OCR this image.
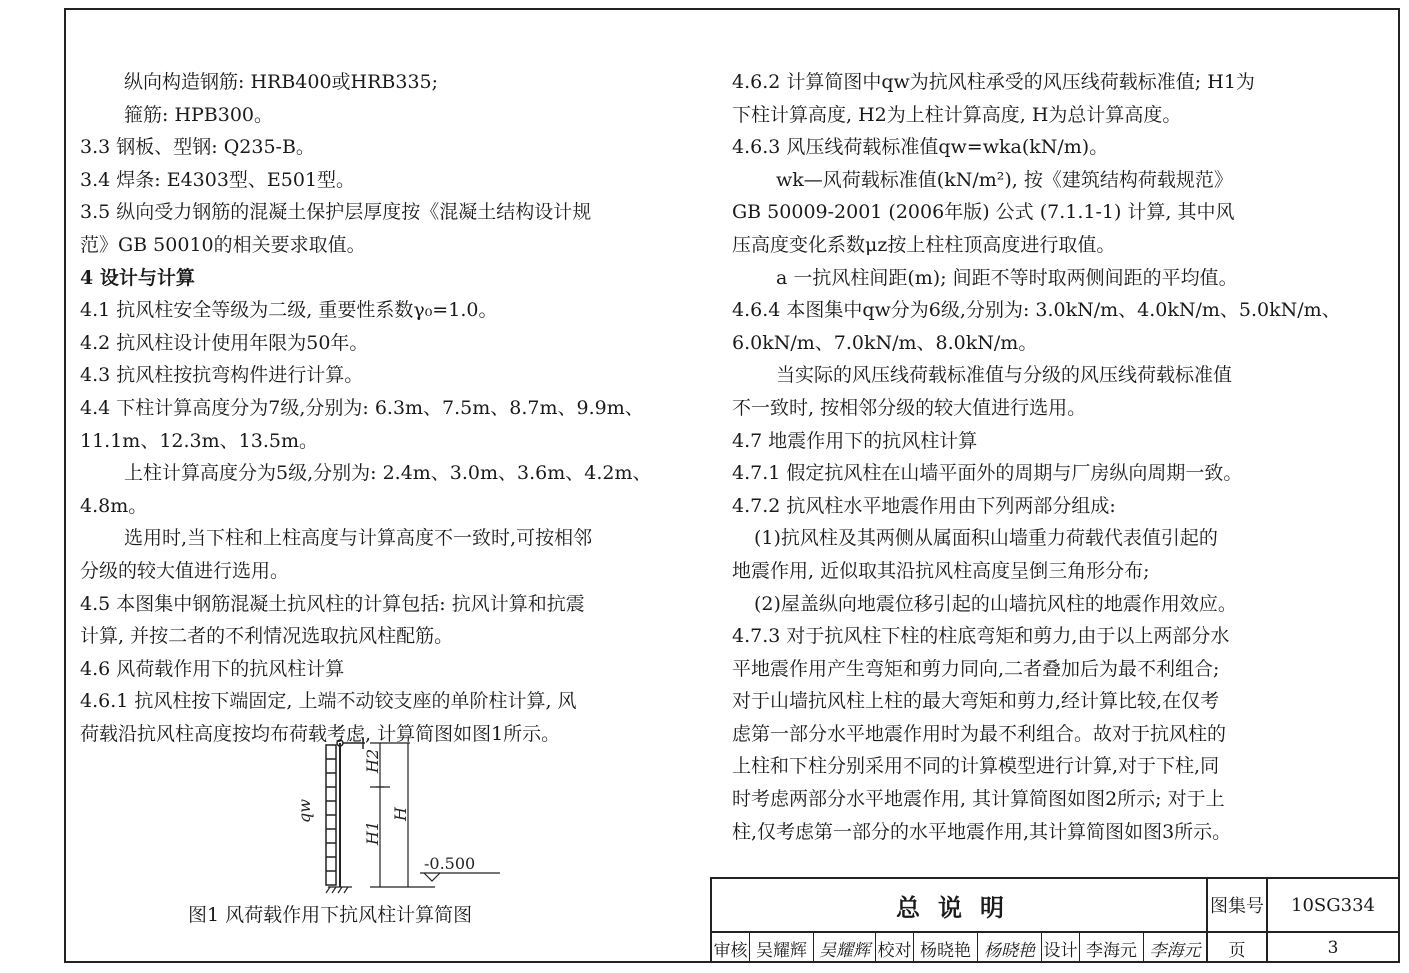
纵向构造钢筋: HRB400或HRB335;
箍筋: HPB300。
3.3 钢板、型钢: Q235-B。
3.4 焊条: E4303型、E501型。
3.5 纵向受力钢筋的混凝土保护层厚度按《混凝土结构设计规
范》GB 50010的相关要求取值。
4 设计与计算
4.1 抗风柱安全等级为二级, 重要性系数γ₀=1.0。
4.2 抗风柱设计使用年限为50年。
4.3 抗风柱按抗弯构件进行计算。
4.4 下柱计算高度分为7级,分别为: 6.3m、7.5m、8.7m、9.9m、
11.1m、12.3m、13.5m。
上柱计算高度分为5级,分别为: 2.4m、3.0m、3.6m、4.2m、
4.8m。
选用时,当下柱和上柱高度与计算高度不一致时,可按相邻
分级的较大值进行选用。
4.5 本图集中钢筋混凝土抗风柱的计算包括: 抗风计算和抗震
计算, 并按二者的不利情况选取抗风柱配筋。
4.6 风荷载作用下的抗风柱计算
4.6.1 抗风柱按下端固定, 上端不动铰支座的单阶柱计算, 风
荷载沿抗风柱高度按均布荷载考虑, 计算简图如图1所示。
4.6.2 计算简图中qw为抗风柱承受的风压线荷载标准值; H1为
下柱计算高度, H2为上柱计算高度, H为总计算高度。
4.6.3 风压线荷载标准值qw=wka(kN/m)。
wk—风荷载标准值(kN/m²), 按《建筑结构荷载规范》
GB 50009-2001 (2006年版) 公式 (7.1.1-1) 计算, 其中风
压高度变化系数μz按上柱柱顶高度进行取值。
a 一抗风柱间距(m); 间距不等时取两侧间距的平均值。
4.6.4 本图集中qw分为6级,分别为: 3.0kN/m、4.0kN/m、5.0kN/m、
6.0kN/m、7.0kN/m、8.0kN/m。
当实际的风压线荷载标准值与分级的风压线荷载标准值
不一致时, 按相邻分级的较大值进行选用。
4.7 地震作用下的抗风柱计算
4.7.1 假定抗风柱在山墙平面外的周期与厂房纵向周期一致。
4.7.2 抗风柱水平地震作用由下列两部分组成:
(1)抗风柱及其两侧从属面积山墙重力荷载代表值引起的
地震作用, 近似取其沿抗风柱高度呈倒三角形分布;
(2)屋盖纵向地震位移引起的山墙抗风柱的地震作用效应。
4.7.3 对于抗风柱下柱的柱底弯矩和剪力,由于以上两部分水
平地震作用产生弯矩和剪力同向,二者叠加后为最不利组合;
对于山墙抗风柱上柱的最大弯矩和剪力,经计算比较,在仅考
虑第一部分水平地震作用时为最不利组合。故对于抗风柱的
上柱和下柱分别采用不同的计算模型进行计算,对于下柱,同
时考虑两部分水平地震作用, 其计算简图如图2所示; 对于上
柱,仅考虑第一部分的水平地震作用,其计算简图如图3所示。
-0.500
qw
H2
H1
H
图1 风荷载作用下抗风柱计算简图	总说明	图集号	10SG334
审核 吴耀辉 吴耀辉 校对 杨晓艳 杨晓艳 设计 李海元 李海元	页	3
